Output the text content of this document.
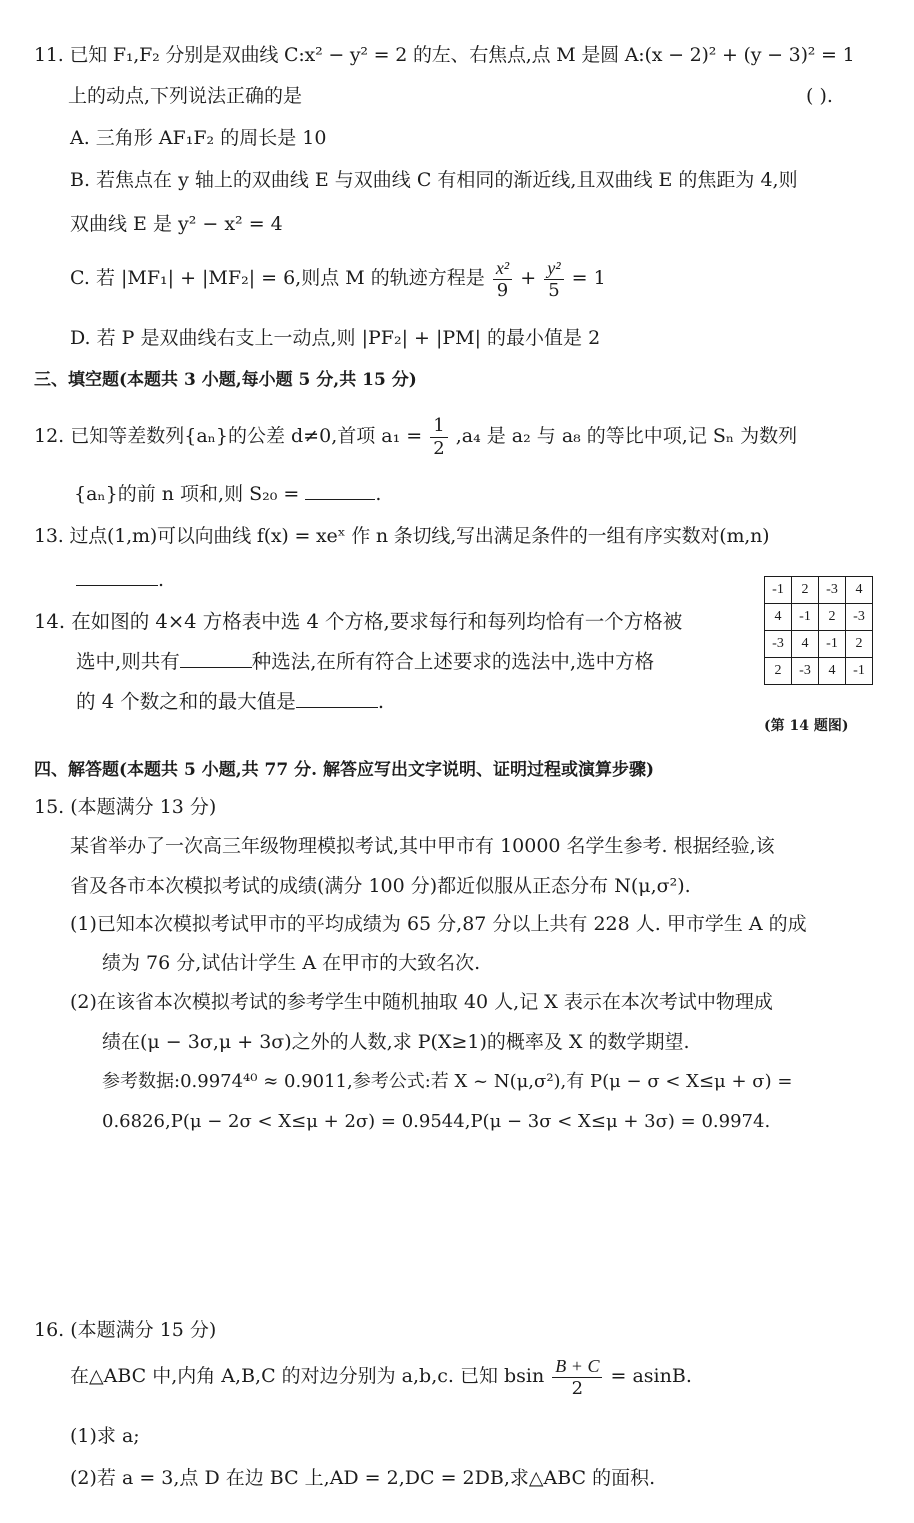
11. 已知 F₁,F₂ 分别是双曲线 C:x² − y² = 2 的左、右焦点,点 M 是圆 A:(x − 2)² + (y − 3)² = 1
上的动点,下列说法正确的是	( ).
A. 三角形 AF₁F₂ 的周长是 10
B. 若焦点在 y 轴上的双曲线 E 与双曲线 C 有相同的渐近线,且双曲线 E 的焦距为 4,则
双曲线 E 是 y² − x² = 4
C. 若 |MF₁| + |MF₂| = 6,则点 M 的轨迹方程是 $\frac{\text{x²}}{9} + \frac{\text{y²}}{5} = 1$
D. 若 P 是双曲线右支上一动点,则 |PF₂| + |PM| 的最小值是 2
三、填空题(本题共 3 小题,每小题 5 分,共 15 分)
12. 已知等差数列{aₙ}的公差 d≠0,首项 $a_1 = \frac{1}{2} ,a_4$ 是 a₂ 与 a₈ 的等比中项,记 Sₙ 为数列
{aₙ}的前 n 项和,则 S₂₀ =	.
13. 过点(1,m)可以向曲线 f(x) = xeˣ 作 n 条切线,写出满足条件的一组有序实数对(m,n)
.
14. 在如图的 4×4 方格表中选 4 个方格,要求每行和每列均恰有一个方格被
选中,则共有	种选法,在所有符合上述要求的选法中,选中方格
的 4 个数之和的最大值是	.
-1	2	-3	4
4	-1	2	-3
-3	4	-1	2
2	-3	4	-1
(第 14 题图)
四、解答题(本题共 5 小题,共 77 分. 解答应写出文字说明、证明过程或演算步骤)
15. (本题满分 13 分)
某省举办了一次高三年级物理模拟考试,其中甲市有 10000 名学生参考. 根据经验,该
省及各市本次模拟考试的成绩(满分 100 分)都近似服从正态分布 N(μ,σ²).
(1)已知本次模拟考试甲市的平均成绩为 65 分,87 分以上共有 228 人. 甲市学生 A 的成
绩为 76 分,试估计学生 A 在甲市的大致名次.
(2)在该省本次模拟考试的参考学生中随机抽取 40 人,记 X 表示在本次考试中物理成
绩在(μ − 3σ,μ + 3σ)之外的人数,求 P(X≥1)的概率及 X 的数学期望.
参考数据:0.9974⁴⁰ ≈ 0.9011,参考公式:若 X ~ N(μ,σ²),有 P(μ − σ < X≤μ + σ) =
0.6826,P(μ − 2σ < X≤μ + 2σ) = 0.9544,P(μ − 3σ < X≤μ + 3σ) = 0.9974.
16. (本题满分 15 分)
在△ABC 中,内角 A,B,C 的对边分别为 a,b,c. 已知 bsin $\frac{B + C}{2} = asinB$.
(1)求 a;
(2)若 a = 3,点 D 在边 BC 上,AD = 2,DC = 2DB,求△ABC 的面积.
